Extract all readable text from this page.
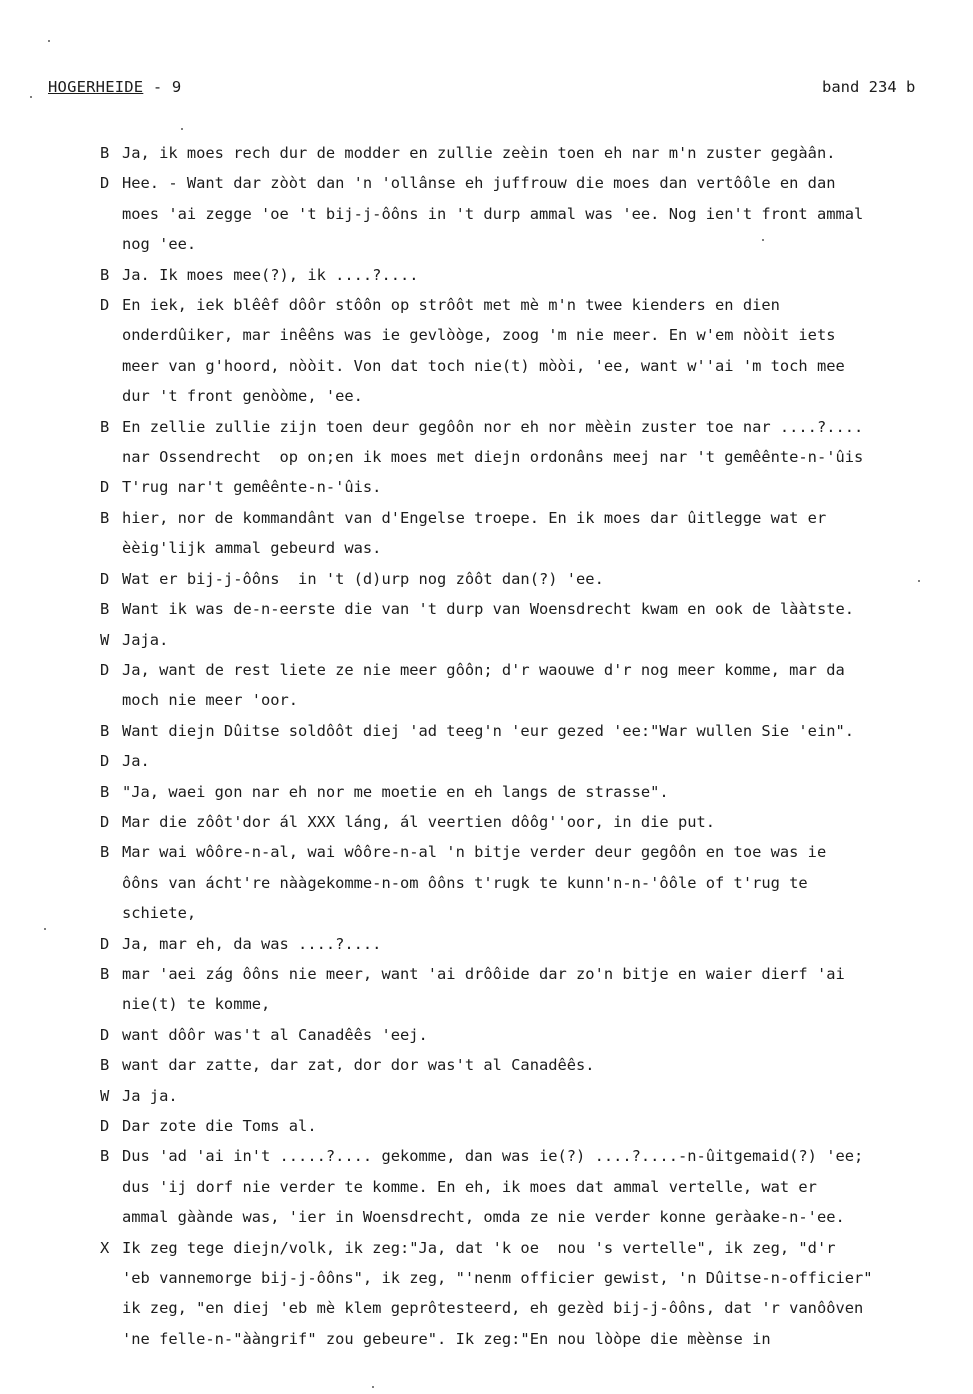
HOGERHEIDE - 9	band 234 b
B Ja, ik moes rech dur de modder en zullie zeèin toen eh nar m'n zuster gegàân.
D Hee. - Want dar zòòt dan 'n 'ollânse eh juffrouw die moes dan vertôôle en dan
moes 'ai zegge 'oe 't bij-j-ôôns in 't durp ammal was 'ee. Nog ien't front ammal
nog 'ee.
B Ja. Ik moes mee(?), ik ....?....
D En iek, iek blêêf dôôr stôôn op strôôt met mè m'n twee kienders en dien
onderdûiker, mar inêêns was ie gevlòòge, zoog 'm nie meer. En w'em nòòit iets
meer van g'hoord, nòòit. Von dat toch nie(t) mòòi, 'ee, want w''ai 'm toch mee
dur 't front genòòme, 'ee.
B En zellie zullie zijn toen deur gegôôn nor eh nor mèèin zuster toe nar ....?....
nar Ossendrecht  op on;en ik moes met diejn ordonâns meej nar 't gemêênte-n-'ûis
D T'rug nar't gemêênte-n-'ûis.
B hier, nor de kommandânt van d'Engelse troepe. En ik moes dar ûitlegge wat er
èèig'lijk ammal gebeurd was.
D Wat er bij-j-ôôns  in 't (d)urp nog zôôt dan(?) 'ee.
B Want ik was de-n-eerste die van 't durp van Woensdrecht kwam en ook de lààtste.
W Jaja.
D Ja, want de rest liete ze nie meer gôôn; d'r waouwe d'r nog meer komme, mar da
moch nie meer 'oor.
B Want diejn Dûitse soldôôt diej 'ad teeg'n 'eur gezed 'ee:"War wullen Sie 'ein".
D Ja.
B "Ja, waei gon nar eh nor me moetie en eh langs de strasse".
D Mar die zôôt'dor ál XXX láng, ál veertien dôôg''oor, in die put.
B Mar wai wôôre-n-al, wai wôôre-n-al 'n bitje verder deur gegôôn en toe was ie
ôôns van ácht're nààgekomme-n-om ôôns t'rugk te kunn'n-n-'ôôle of t'rug te
schiete,
D Ja, mar eh, da was ....?....
B mar 'aei zág ôôns nie meer, want 'ai drôôide dar zo'n bitje en waier dierf 'ai
nie(t) te komme,
D want dôôr was't al Canadêês 'eej.
B want dar zatte, dar zat, dor dor was't al Canadêês.
W Ja ja.
D Dar zote die Toms al.
B Dus 'ad 'ai in't .....?.... gekomme, dan was ie(?) ....?....-n-ûitgemaid(?) 'ee;
dus 'ij dorf nie verder te komme. En eh, ik moes dat ammal vertelle, wat er
ammal gàànde was, 'ier in Woensdrecht, omda ze nie verder konne geràake-n-'ee.
X Ik zeg tege diejn/volk, ik zeg:"Ja, dat 'k oe  nou 's vertelle", ik zeg, "d'r
'eb vannemorge bij-j-ôôns", ik zeg, "'nenm officier gewist, 'n Dûitse-n-officier"
ik zeg, "en diej 'eb mè klem geprôtesteerd, eh gezèd bij-j-ôôns, dat 'r vanôôven
'ne felle-n-"ààngrif" zou gebeure". Ik zeg:"En nou lòòpe die mèènse in
